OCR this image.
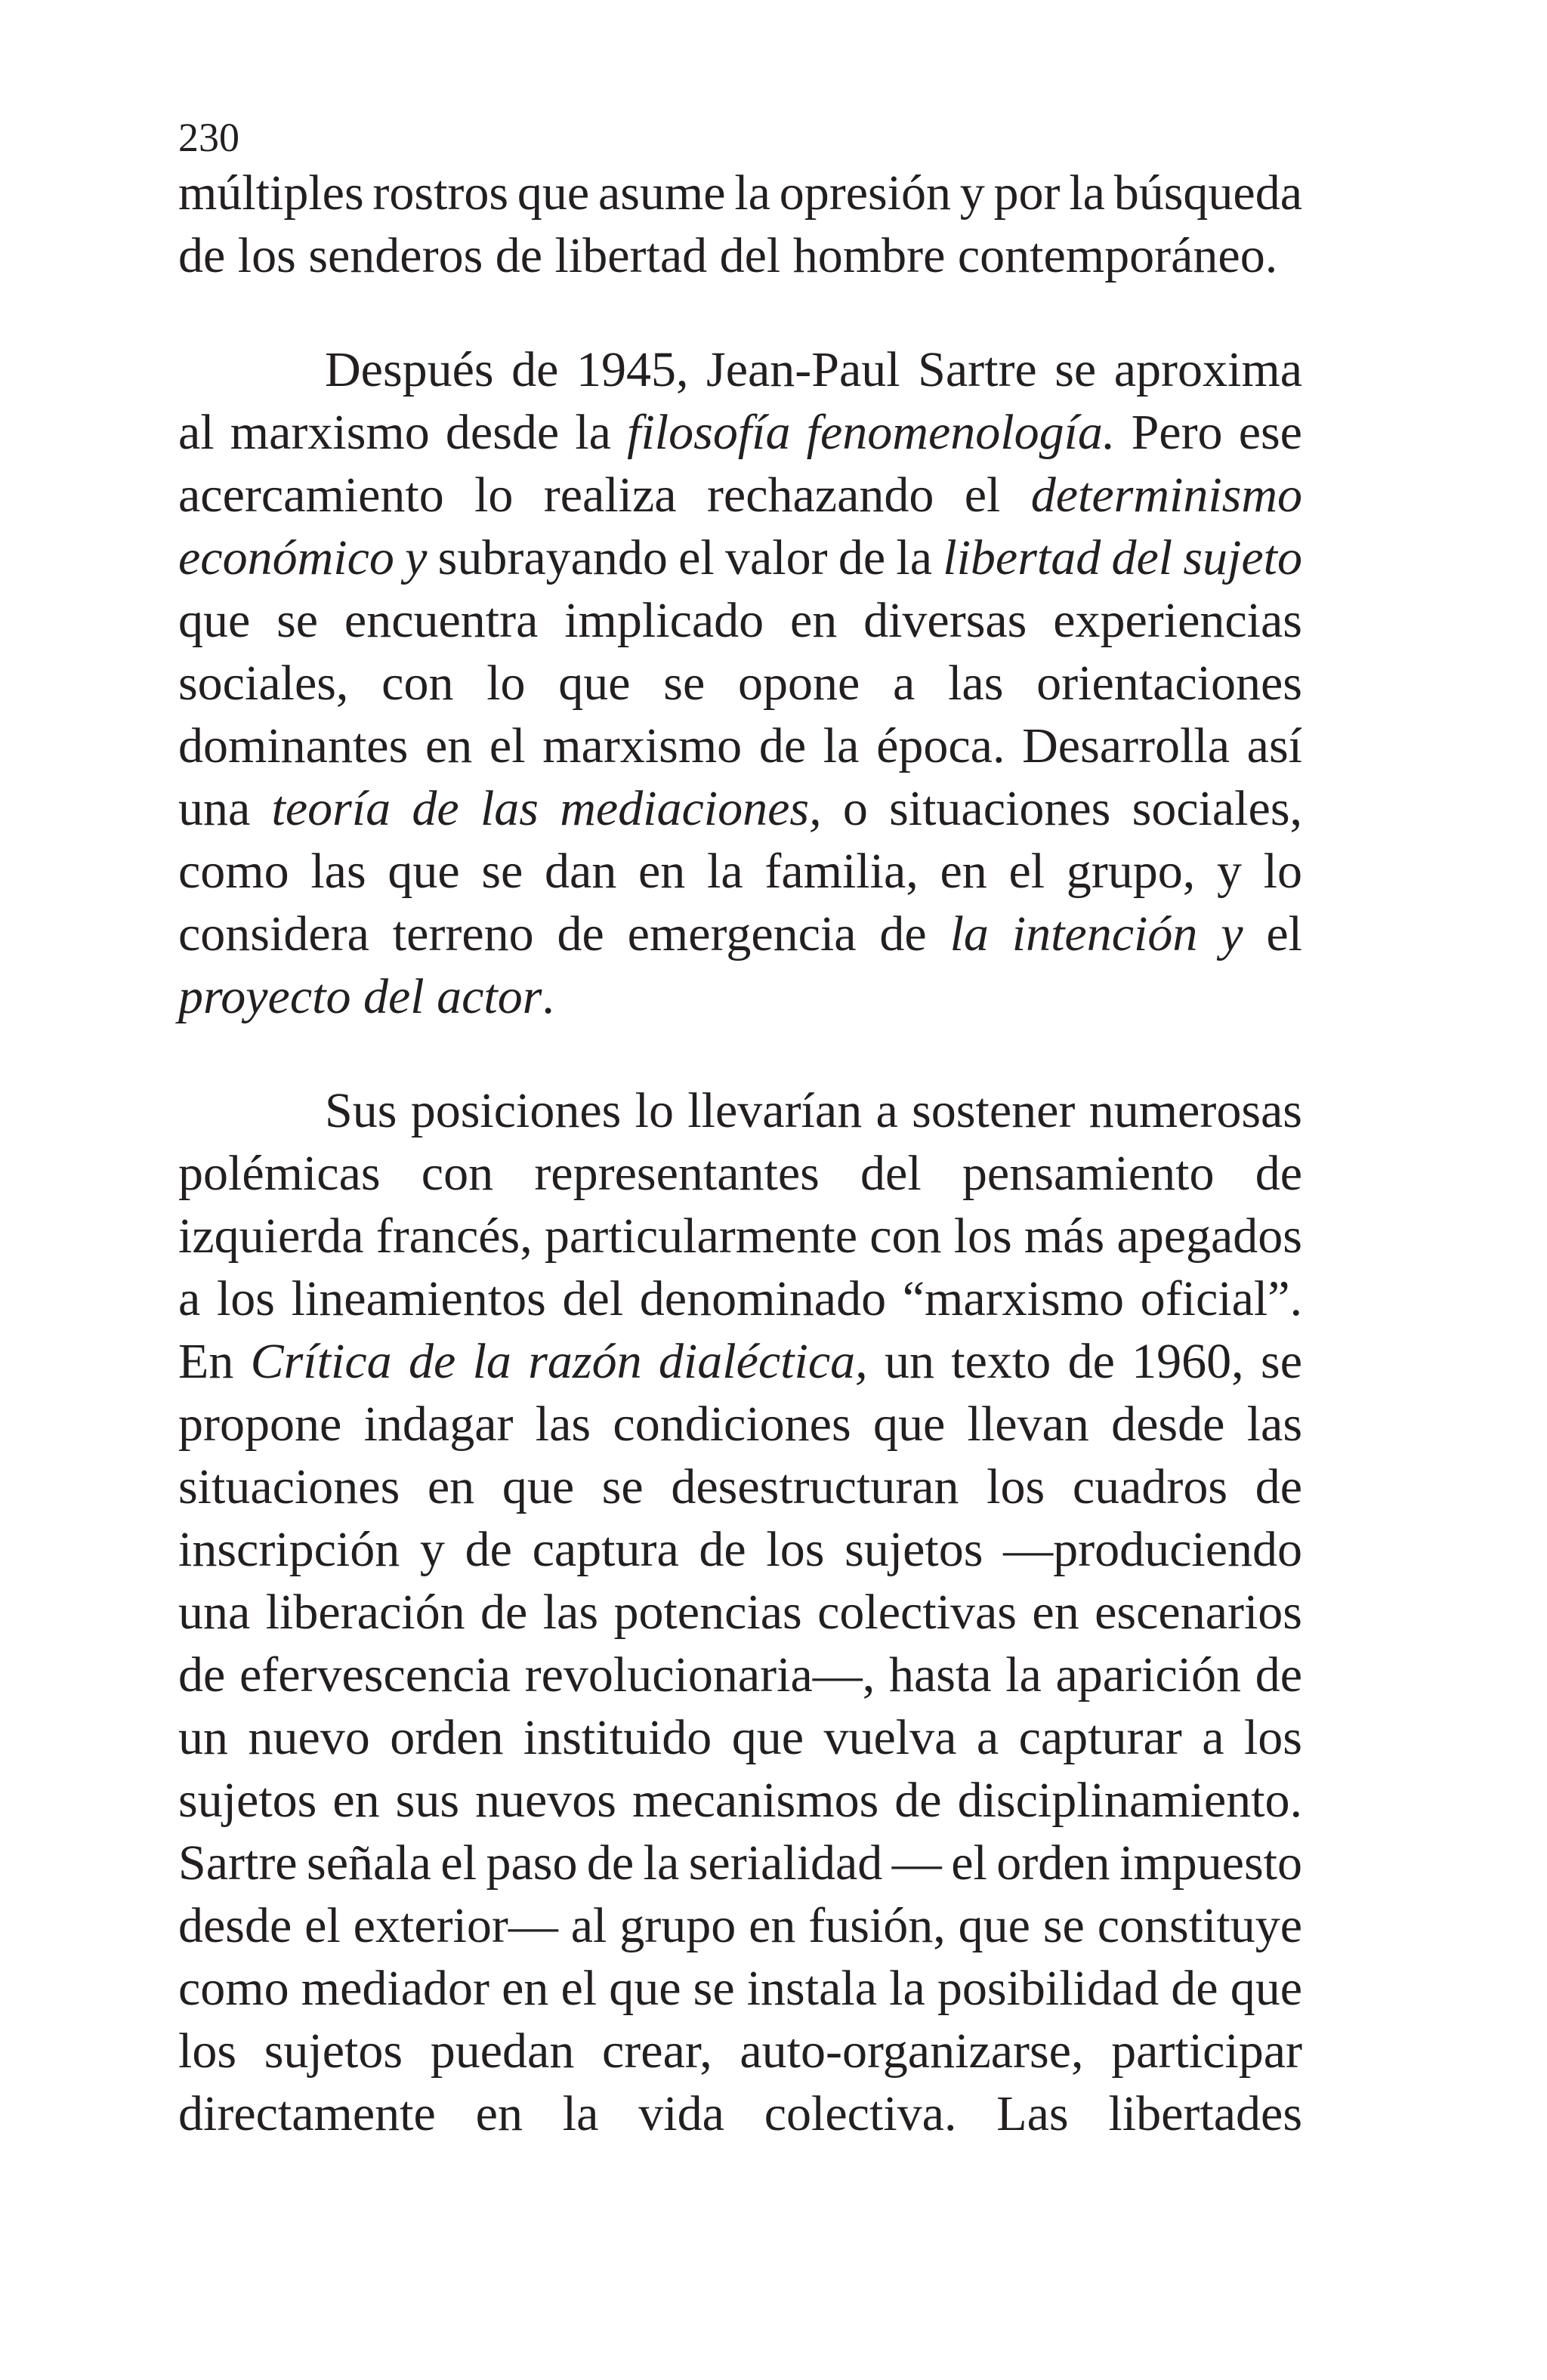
230
múltiples rostros que asume la opresión y por la búsqueda
de los senderos de libertad del hombre contemporáneo.
Después de 1945, Jean-Paul Sartre se aproxima
al marxismo desde la filosofía fenomenología. Pero ese
acercamiento lo realiza rechazando el determinismo
económico y subrayando el valor de la libertad del sujeto
que se encuentra implicado en diversas experiencias
sociales, con lo que se opone a las orientaciones
dominantes en el marxismo de la época. Desarrolla así
una teoría de las mediaciones, o situaciones sociales,
como las que se dan en la familia, en el grupo, y lo
considera terreno de emergencia de la intención y el
proyecto del actor.
Sus posiciones lo llevarían a sostener numerosas
polémicas con representantes del pensamiento de
izquierda francés, particularmente con los más apegados
a los lineamientos del denominado “marxismo oficial”.
En Crítica de la razón dialéctica, un texto de 1960, se
propone indagar las condiciones que llevan desde las
situaciones en que se desestructuran los cuadros de
inscripción y de captura de los sujetos —produciendo
una liberación de las potencias colectivas en escenarios
de efervescencia revolucionaria—, hasta la aparición de
un nuevo orden instituido que vuelva a capturar a los
sujetos en sus nuevos mecanismos de disciplinamiento.
Sartre señala el paso de la serialidad — el orden impuesto
desde el exterior— al grupo en fusión, que se constituye
como mediador en el que se instala la posibilidad de que
los sujetos puedan crear, auto-organizarse, participar
directamente en la vida colectiva. Las libertades
